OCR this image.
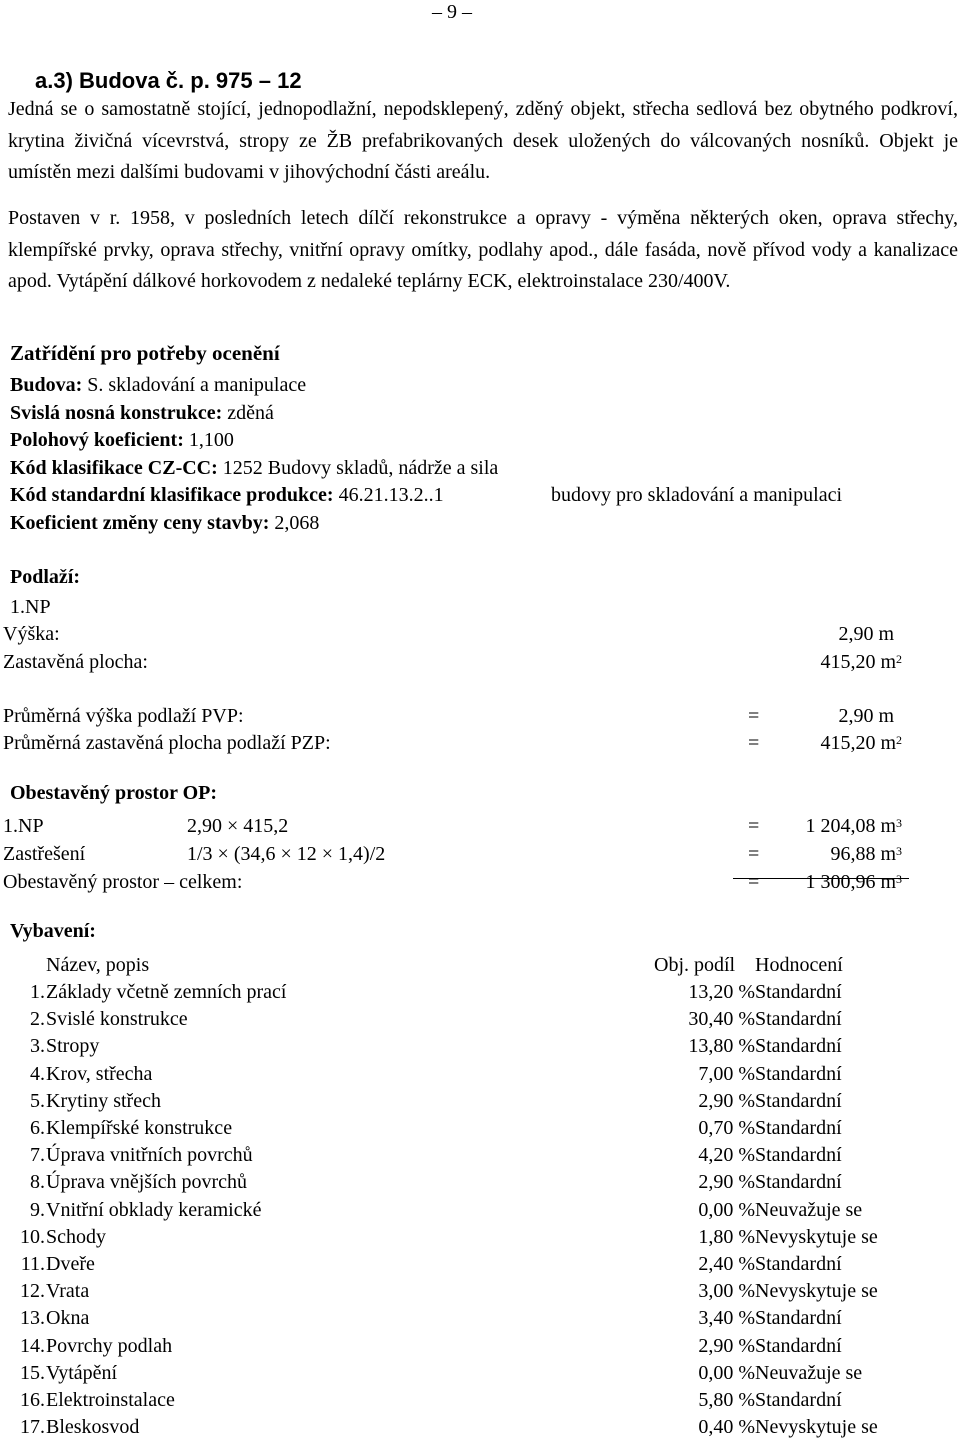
– 9 –
a.3) Budova č. p. 975 – 12
Jedná se o samostatně stojící, jednopodlažní, nepodsklepený, zděný objekt, střecha sedlová bez obytného podkroví, krytina živičná vícevrstvá, stropy ze ŽB prefabrikovaných desek uložených do válcovaných nosníků. Objekt je umístěn mezi dalšími budovami v jihovýchodní části areálu.
Postaven v r. 1958, v posledních letech dílčí rekonstrukce a opravy - výměna některých oken, oprava střechy, klempířské prvky, oprava střechy, vnitřní opravy omítky, podlahy apod., dále fasáda, nově přívod vody a kanalizace apod. Vytápění dálkové horkovodem z nedaleké teplárny ECK, elektroinstalace 230/400V.
Zatřídění pro potřeby ocenění
Budova: S. skladování a manipulace
Svislá nosná konstrukce: zděná
Polohový koeficient: 1,100
Kód klasifikace CZ-CC: 1252 Budovy skladů, nádrže a sila
Kód standardní klasifikace produkce: 46.21.13.2..1	budovy pro skladování a manipulaci
Koeficient změny ceny stavby: 2,068
Podlaží:
1.NP
Výška:	2,90 m
Zastavěná plocha:	415,20 $m^2$
Průměrná výška podlaží PVP:	=	2,90 m
Průměrná zastavěná plocha podlaží PZP:	=	415,20 $m^2$
Obestavěný prostor OP:
1.NP	2,90 × 415,2	= 1 204,08 $m^3$
Zastřešení	1/3 × (34,6 × 12 × 1,4)/2	=	96,88 $m^3$
Obestavěný prostor – celkem:	= 1 300,96 $m^3$
Vybavení:
Název, popis	Obj. podíl Hodnocení
1. Základy včetně zemních prací	13,20 % Standardní
2. Svislé konstrukce	30,40 % Standardní
3. Stropy	13,80 % Standardní
4. Krov, střecha	7,00 % Standardní
5. Krytiny střech	2,90 % Standardní
6. Klempířské konstrukce	0,70 % Standardní
7. Úprava vnitřních povrchů	4,20 % Standardní
8. Úprava vnějších povrchů	2,90 % Standardní
9. Vnitřní obklady keramické	0,00 % Neuvažuje se
10. Schody	1,80 % Nevyskytuje se
11. Dveře	2,40 % Standardní
12. Vrata	3,00 % Nevyskytuje se
13. Okna	3,40 % Standardní
14. Povrchy podlah	2,90 % Standardní
15. Vytápění	0,00 % Neuvažuje se
16. Elektroinstalace	5,80 % Standardní
17. Bleskosvod	0,40 % Nevyskytuje se
